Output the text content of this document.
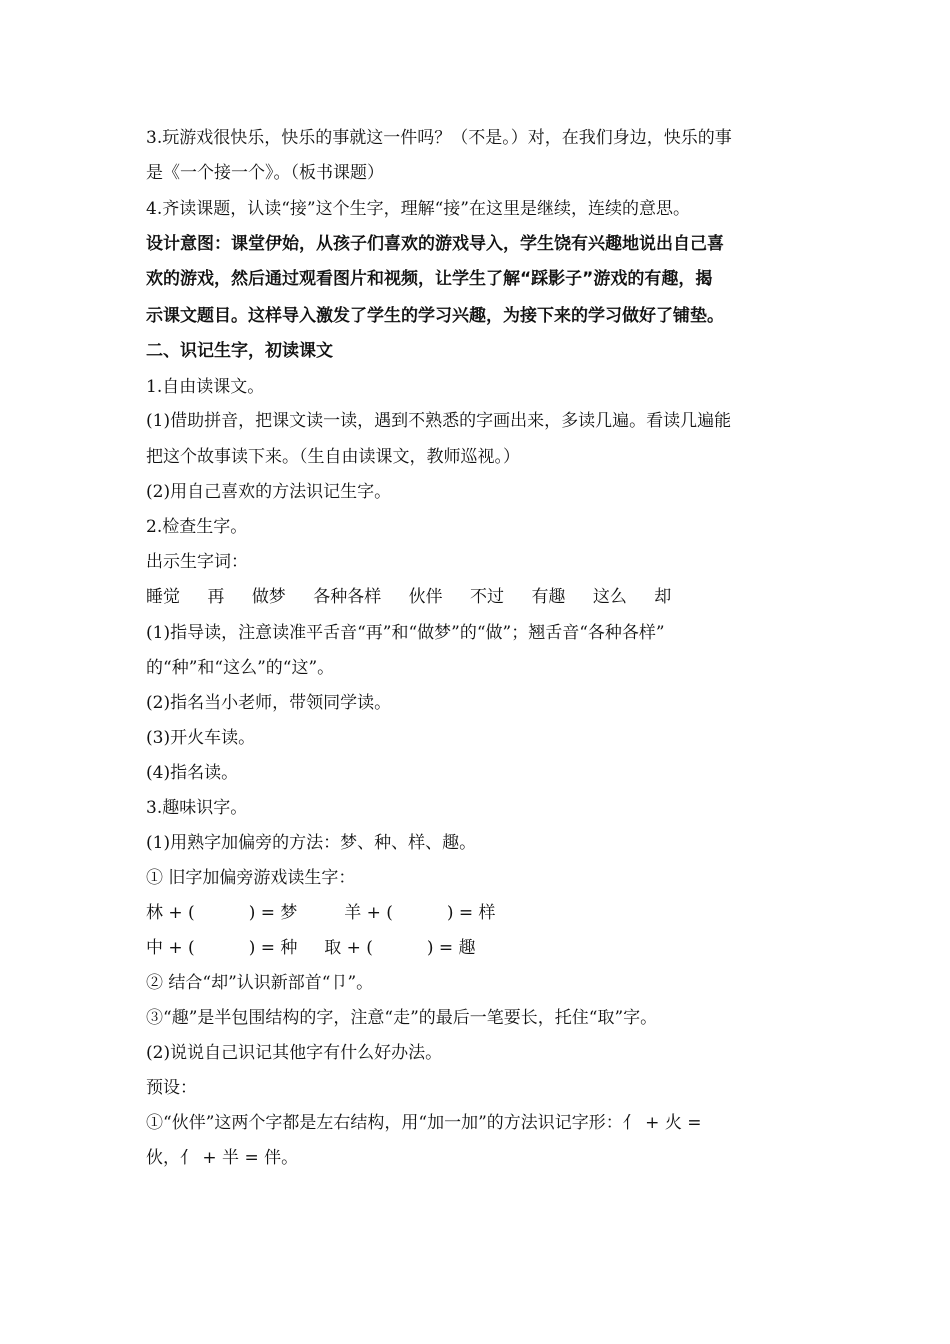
3.玩游戏很快乐，快乐的事就这一件吗？（不是。）对，在我们身边，快乐的事
是《一个接一个》。（板书课题）
4.齐读课题，认读“接”这个生字，理解“接”在这里是继续，连续的意思。
设计意图：课堂伊始，从孩子们喜欢的游戏导入，学生饶有兴趣地说出自己喜
欢的游戏，然后通过观看图片和视频，让学生了解“踩影子”游戏的有趣，揭
示课文题目。这样导入激发了学生的学习兴趣，为接下来的学习做好了铺垫。
二、识记生字，初读课文
1.自由读课文。
(1)借助拼音，把课文读一读，遇到不熟悉的字画出来，多读几遍。看读几遍能
把这个故事读下来。（生自由读课文，教师巡视。）
(2)用自己喜欢的方法识记生字。
2.检查生字。
出示生字词：
睡觉 再 做梦 各种各样 伙伴 不过 有趣 这么 却
(1)指导读，注意读准平舌音“再”和“做梦”的“做”；翘舌音“各种各样”
的“种”和“这么”的“这”。
(2)指名当小老师，带领同学读。
(3)开火车读。
(4)指名读。
3.趣味识字。
(1)用熟字加偏旁的方法：梦、种、样、趣。
① 旧字加偏旁游戏读生字：
林 + (	) = 梦	羊 + (	) = 样
中 + (	) = 种 取 + (	) = 趣
② 结合“却”认识新部首“卩”。
③“趣”是半包围结构的字，注意“走”的最后一笔要长，托住“取”字。
(2)说说自己识记其他字有什么好办法。
预设：
①“伙伴”这两个字都是左右结构，用“加一加”的方法识记字形：亻 + 火 =
伙，亻 + 半 = 伴。
